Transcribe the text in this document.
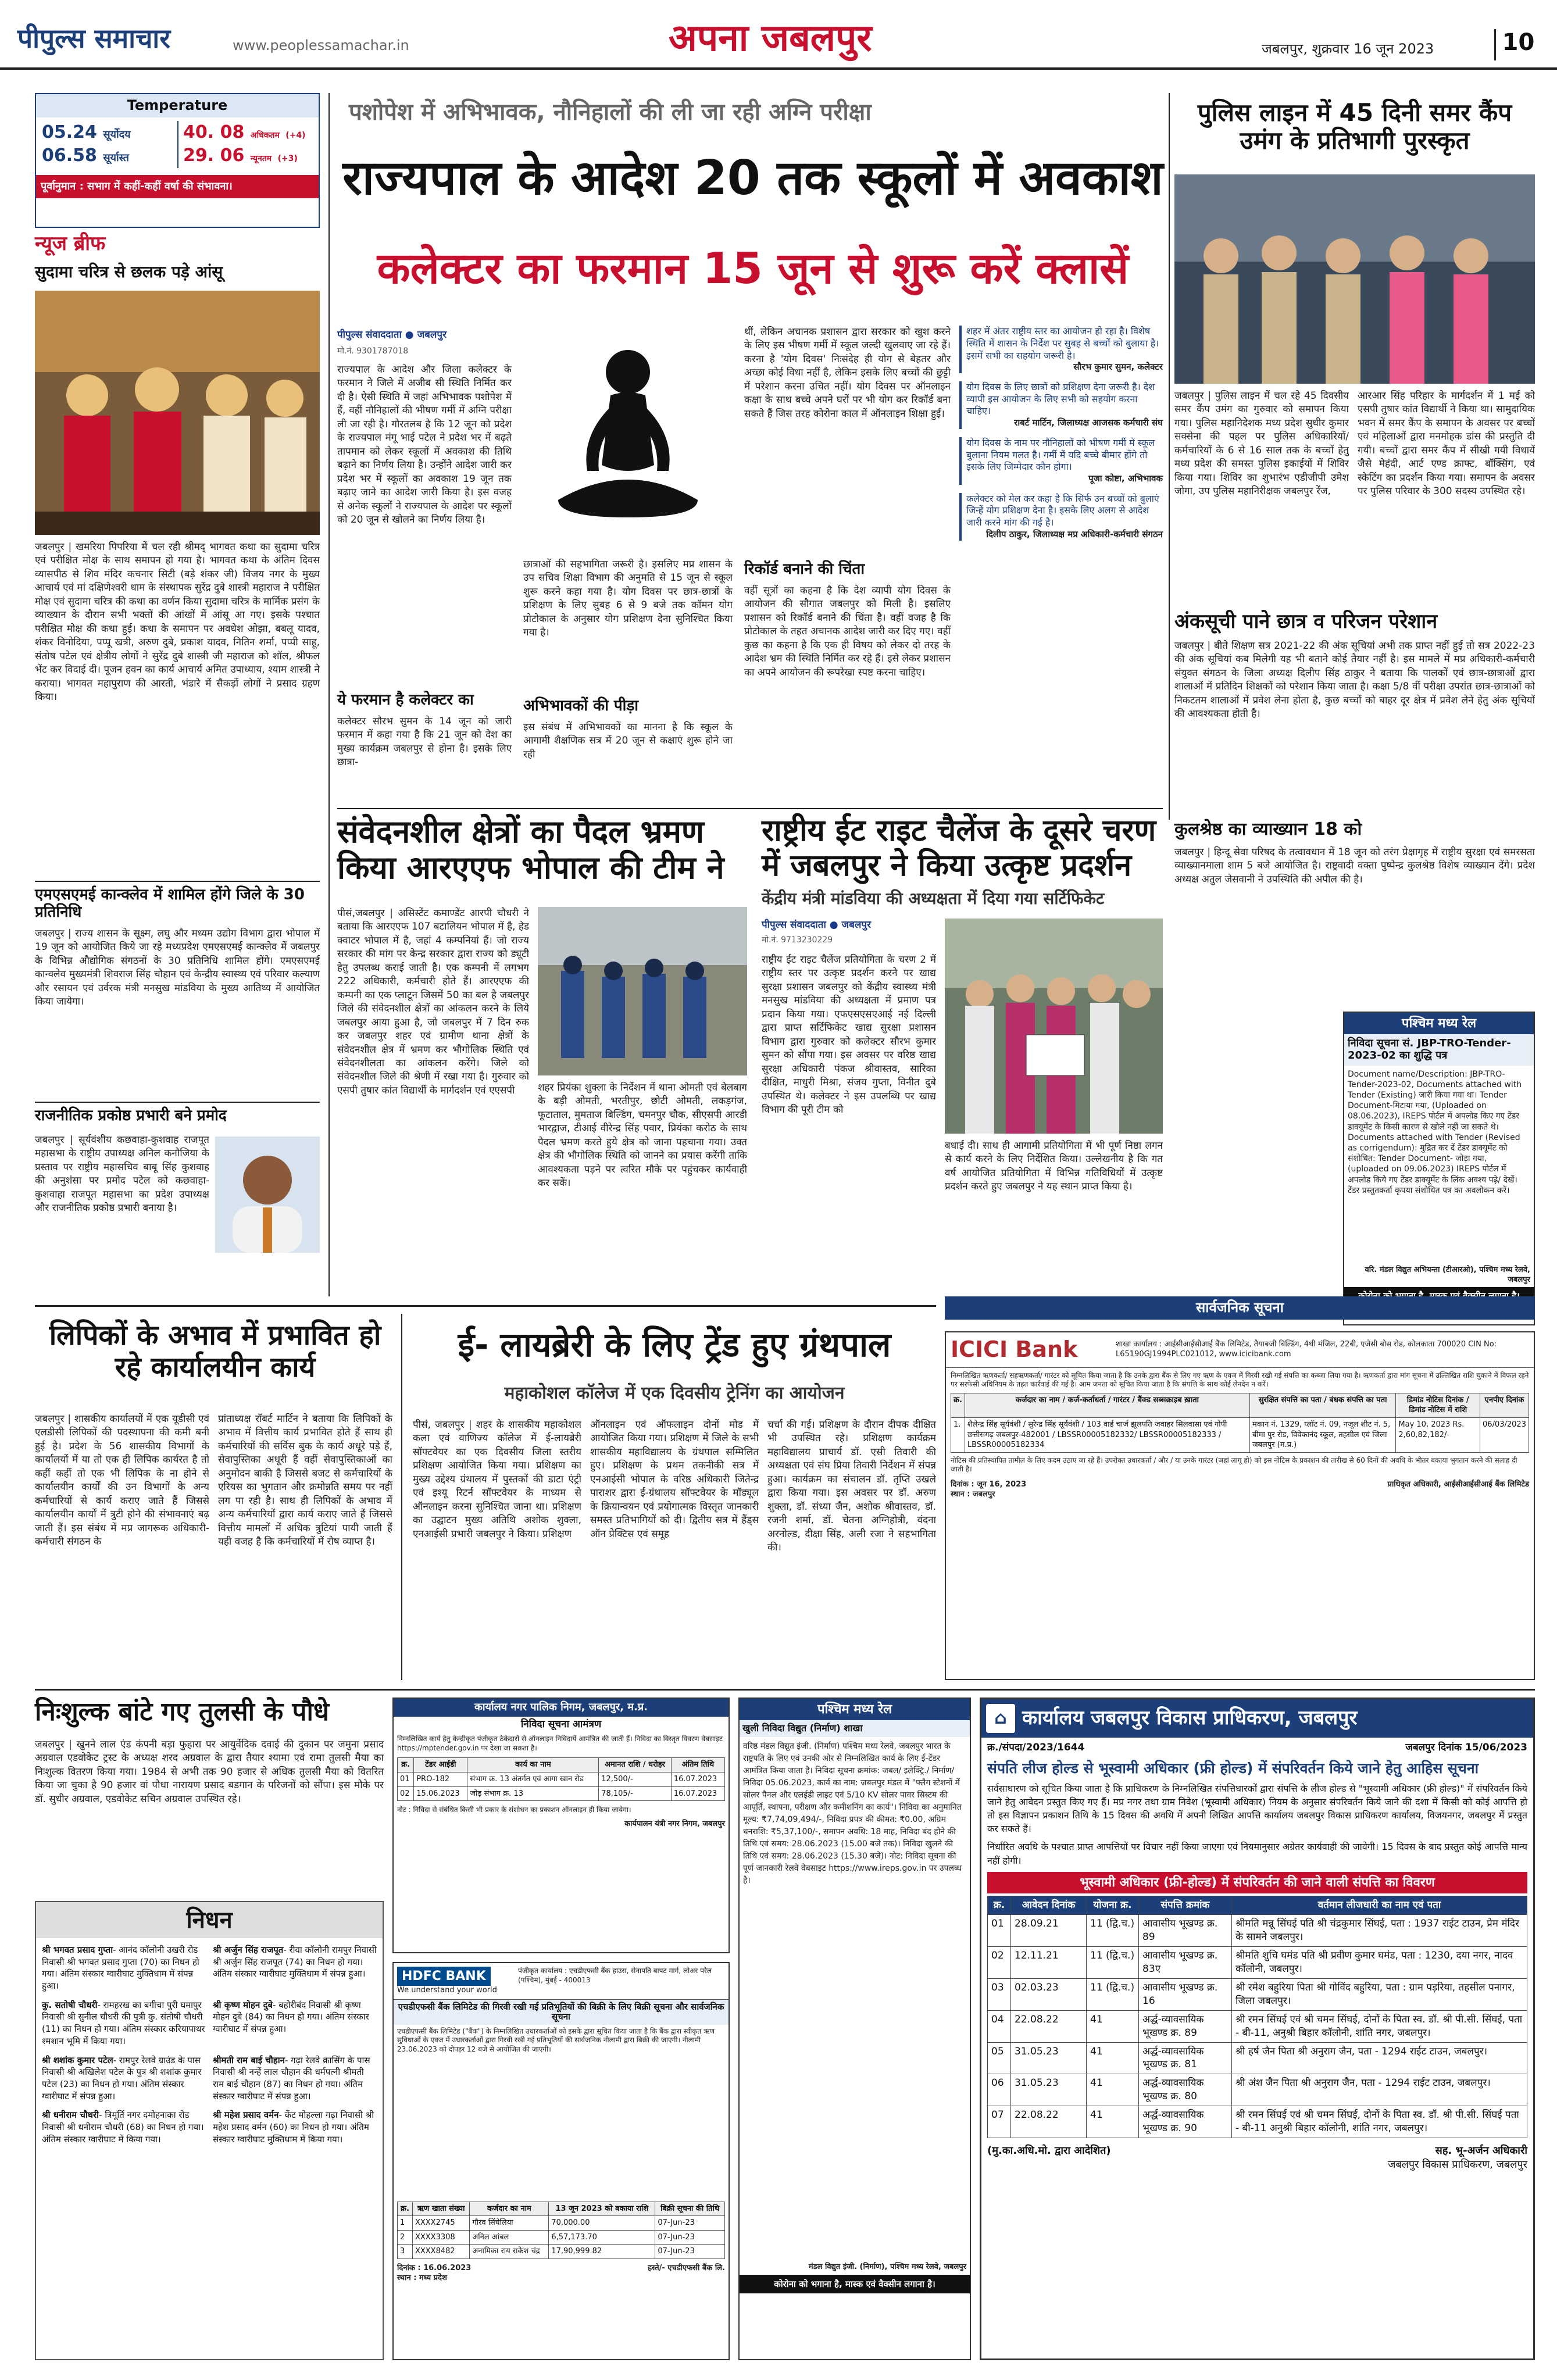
पीपुल्स समाचार	www.peoplessamachar.in	अपना जबलपुर	जबलपुर, शुक्रवार 16 जून 2023	10
Temperature
05.24 सूर्योदय
06.58 सूर्यास्त
40. 08 अधिकतम (+4)
29. 06 न्यूनतम (+3)
पूर्वानुमान : सभाग में कहीं-कहीं वर्षा की संभावना।
न्यूज ब्रीफ
सुदामा चरित्र से छलक पड़े आंसू
जबलपुर | खमरिया पिपरिया में चल रही श्रीमद् भागवत कथा का सुदामा चरित्र एवं परीक्षित मोक्ष के साथ समापन हो गया है। भागवत कथा के अंतिम दिवस व्यासपीठ से शिव मंदिर कचनार सिटी (बड़े शंकर जी) विजय नगर के मुख्य आचार्य एवं मां दक्षिणेश्वरी धाम के संस्थापक सुरेंद्र दुबे शास्त्री महाराज ने परीक्षित मोक्ष एवं सुदामा चरित्र की कथा का वर्णन किया सुदामा चरित्र के मार्मिक प्रसंग के व्याख्यान के दौरान सभी भक्तों की आंखों में आंसू आ गए। इसके पश्चात परीक्षित मोक्ष की कथा हुई। कथा के समापन पर अवधेश ओझा, बबलू यादव, शंकर विनोदिया, पप्पू खत्री, अरुण दुबे, प्रकाश यादव, नितिन शर्मा, पप्पी साहू, संतोष पटेल एवं क्षेत्रीय लोगों ने सुरेंद्र दुबे शास्त्री जी महाराज को शॉल, श्रीफल भेंट कर विदाई दी। पूजन हवन का कार्य आचार्य अमित उपाध्याय, श्याम शास्त्री ने कराया। भागवत महापुराण की आरती, भंडारे में सैकड़ों लोगों ने प्रसाद ग्रहण किया।
एमएसएमई कान्क्लेव में शामिल होंगे जिले के 30 प्रतिनिधि
जबलपुर | राज्य शासन के सूक्ष्म, लघु और मध्यम उद्योग विभाग द्वारा भोपाल में 19 जून को आयोजित किये जा रहे मध्यप्रदेश एमएसएमई कान्क्लेव में जबलपुर के विभिन्न औद्योगिक संगठनों के 30 प्रतिनिधि शामिल होंगे। एमएसएमई कान्क्लेव मुख्यमंत्री शिवराज सिंह चौहान एवं केन्द्रीय स्वास्थ्य एवं परिवार कल्याण और रसायन एवं उर्वरक मंत्री मनसुख मांडविया के मुख्य आतिथ्य में आयोजित किया जायेगा।
राजनीतिक प्रकोष्ठ प्रभारी बने प्रमोद
जबलपुर | सूर्यवंशीय कछवाहा-कुशवाह राजपूत महासभा के राष्ट्रीय उपाध्यक्ष अनिल कनौजिया के प्रस्ताव पर राष्ट्रीय महासचिव बाबू सिंह कुशवाह की अनुशंसा पर प्रमोद पटेल को कछवाहा-कुशवाहा राजपूत महासभा का प्रदेश उपाध्यक्ष और राजनीतिक प्रकोष्ठ प्रभारी बनाया है।
पशोपेश में अभिभावक, नौनिहालों की ली जा रही अग्नि परीक्षा
राज्यपाल के आदेश 20 तक स्कूलों में अवकाश
कलेक्टर का फरमान 15 जून से शुरू करें क्लासें
पीपुल्स संवाददाता ● जबलपुर
मो.नं. 9301787018
राज्यपाल के आदेश और जिला कलेक्टर के फरमान ने जिले में अजीब सी स्थिति निर्मित कर दी है। ऐसी स्थिति में जहां अभिभावक पशोपेश में हैं, वहीं नौनिहालों की भीषण गर्मी में अग्नि परीक्षा ली जा रही है। गौरतलब है कि 12 जून को प्रदेश के राज्यपाल मंगू भाई पटेल ने प्रदेश भर में बढ़ते तापमान को लेकर स्कूलों में अवकाश की तिथि बढ़ाने का निर्णय लिया है। उन्होंने आदेश जारी कर प्रदेश भर में स्कूलों का अवकाश 19 जून तक बढ़ाए जाने का आदेश जारी किया है। इस वजह से अनेक स्कूलों ने राज्यपाल के आदेश पर स्कूलों को 20 जून से खोलने का निर्णय लिया है।
ये फरमान है कलेक्टर का
कलेक्टर सौरभ सुमन के 14 जून को जारी फरमान में कहा गया है कि 21 जून को देश का मुख्य कार्यक्रम जबलपुर से होना है। इसके लिए छात्रा-
छात्राओं की सहभागिता जरूरी है। इसलिए मप्र शासन के उप सचिव शिक्षा विभाग की अनुमति से 15 जून से स्कूल शुरू करने कहा गया है। योग दिवस पर छात्र-छात्रों के प्रशिक्षण के लिए सुबह 6 से 9 बजे तक कॉमन योग प्रोटोकाल के अनुसार योग प्रशिक्षण देना सुनिश्चित किया गया है।
अभिभावकों की पीड़ा
इस संबंध में अभिभावकों का मानना है कि स्कूल के आगामी शैक्षणिक सत्र में 20 जून से कक्षाएं शुरू होने जा रही
थीं, लेकिन अचानक प्रशासन द्वारा सरकार को खुश करने के लिए इस भीषण गर्मी में स्कूल जल्दी खुलवाए जा रहे हैं। करना है 'योग दिवस' निःसंदेह ही योग से बेहतर और अच्छा कोई विधा नहीं है, लेकिन इसके लिए बच्चों की छुट्टी में परेशान करना उचित नहीं। योग दिवस पर ऑनलाइन कक्षा के साथ बच्चे अपने घरों पर भी योग कर रिकॉर्ड बना सकते हैं जिस तरह कोरोना काल में ऑनलाइन शिक्षा हुई।
रिकॉर्ड बनाने की चिंता
वहीं सूत्रों का कहना है कि देश व्यापी योग दिवस के आयोजन की सौगात जबलपुर को मिली है। इसलिए प्रशासन को रिकॉर्ड बनाने की चिंता है। वहीं वजह है कि प्रोटोकाल के तहत अचानक आदेश जारी कर दिए गए। वहीं कुछ का कहना है कि एक ही विषय को लेकर दो तरह के आदेश भ्रम की स्थिति निर्मित कर रहे हैं। इसे लेकर प्रशासन का अपने आयोजन की रूपरेखा स्पष्ट करना चाहिए।
शहर में अंतर राष्ट्रीय स्तर का आयोजन हो रहा है। विशेष स्थिति में शासन के निर्देश पर सुबह से बच्चों को बुलाया है। इसमें सभी का सहयोग जरूरी है।
सौरभ कुमार सुमन, कलेक्टर
योग दिवस के लिए छात्रों को प्रशिक्षण देना जरूरी है। देश व्यापी इस आयोजन के लिए सभी को सहयोग करना चाहिए।
राबर्ट मार्टिन, जिलाध्यक्ष आजसक कर्मचारी संघ
योग दिवस के नाम पर नौनिहालों को भीषण गर्मी में स्कूल बुलाना नियम गलत है। गर्मी में यदि बच्चे बीमार होंगे तो इसके लिए जिम्मेदार कौन होगा।
पूजा कोष्टा, अभिभावक
कलेक्टर को मेल कर कहा है कि सिर्फ उन बच्चों को बुलाएं जिन्हें योग प्रशिक्षण देना है। इसके लिए अलग से आदेश जारी करने मांग की गई है।
दिलीप ठाकुर, जिलाध्यक्ष मप्र अधिकारी-कर्मचारी संगठन
पुलिस लाइन में 45 दिनी समर कैंप उमंग के प्रतिभागी पुरस्कृत
जबलपुर | पुलिस लाइन में चल रहे 45 दिवसीय समर कैंप उमंग का गुरुवार को समापन किया गया। पुलिस महानिदेशक मध्य प्रदेश सुधीर कुमार सक्सेना की पहल पर पुलिस अधिकारियों/कर्मचारियों के 6 से 16 साल तक के बच्चों हेतु मध्य प्रदेश की समस्त पुलिस इकाईयों में शिविर किया गया। शिविर का शुभारंभ एडीजीपी उमेश जोगा, उप पुलिस महानिरीक्षक जबलपुर रेंज,
आरआर सिंह परिहार के मार्गदर्शन में 1 मई को एसपी तुषार कांत विद्यार्थी ने किया था। सामुदायिक भवन में समर कैंप के समापन के अवसर पर बच्चों एवं महिलाओं द्वारा मनमोहक डांस की प्रस्तुति दी गयी। बच्चों द्वारा समर कैंप में सीखी गयी विधायें जैसे मेहंदी, आर्ट एण्ड क्राफ्ट, बॉक्सिंग, एवं स्केटिंग का प्रदर्शन किया गया। समापन के अवसर पर पुलिस परिवार के 300 सदस्य उपस्थित रहे।
अंकसूची पाने छात्र व परिजन परेशान
जबलपुर | बीते शिक्षण सत्र 2021-22 की अंक सूचियां अभी तक प्राप्त नहीं हुई तो सत्र 2022-23 की अंक सूचियां कब मिलेगी यह भी बताने कोई तैयार नहीं है। इस मामले में मप्र अधिकारी-कर्मचारी संयुक्त संगठन के जिला अध्यक्ष दिलीप सिंह ठाकुर ने बताया कि पालकों एवं छात्र-छात्राओं द्वारा शालाओं में प्रतिदिन शिक्षकों को परेशान किया जाता है। कक्षा 5/8 वीं परीक्षा उपरांत छात्र-छात्राओं को निकटतम शालाओं में प्रवेश लेना होता है, कुछ बच्चों को बाहर दूर क्षेत्र में प्रवेश लेने हेतु अंक सूचियों की आवश्यकता होती है।
संवेदनशील क्षेत्रों का पैदल भ्रमण किया आरएएफ भोपाल की टीम ने
पीसं,जबलपुर | असिस्टेंट कमाण्डेंट आरपी चौधरी ने बताया कि आरएएफ 107 बटालियन भोपाल में है, हेड क्वाटर भोपाल में है, जहां 4 कम्पनियां हैं। जो राज्य सरकार की मांग पर केन्द्र सरकार द्वारा राज्य को ड्यूटी हेतु उपलब्ध कराई जाती है। एक कम्पनी में लगभग 222 अधिकारी, कर्मचारी होते हैं। आरएएफ की कम्पनी का एक प्लाटून जिसमें 50 का बल है जबलपुर जिले की संवेदनशील क्षेत्रों का आंकलन करने के लिये जबलपुर आया हुआ है, जो जबलपुर में 7 दिन रुक कर जबलपुर शहर एवं ग्रामीण थाना क्षेत्रों के संवेदनशील क्षेत्र में भ्रमण कर भौगोलिक स्थिति एवं संवेदनशीलता का आंकलन करेंगे। जिले को संवेदनशील जिले की श्रेणी में रखा गया है। गुरुवार को एसपी तुषार कांत विद्यार्थी के मार्गदर्शन एवं एएसपी	शहर प्रियंका शुक्ला के निर्देशन में थाना ओमती एवं बेलबाग के बड़ी ओमती, भरतीपुर, छोटी ओमती, लकड़गंज, फूटाताल, मुमताज बिल्डिंग, चमनपुर चौक, सीएसपी आरडी भारद्वाज, टीआई वीरेन्द्र सिंह पवार, प्रियंका करोठ के साथ पैदल भ्रमण करते हुये क्षेत्र को जाना पहचाना गया। उक्त क्षेत्र की भौगोलिक स्थिति को जानने का प्रयास करेंगी ताकि आवश्यकता पड़ने पर त्वरित मौके पर पहुंचकर कार्यवाही कर सकें।
राष्ट्रीय ईट राइट चैलेंज के दूसरे चरण में जबलपुर ने किया उत्कृष्ट प्रदर्शन
केंद्रीय मंत्री मांडविया की अध्यक्षता में दिया गया सर्टिफिकेट
पीपुल्स संवाददाता ● जबलपुर
मो.नं. 9713230229
राष्ट्रीय ईट राइट चैलेंज प्रतियोगिता के चरण 2 में राष्ट्रीय स्तर पर उत्कृष्ट प्रदर्शन करने पर खाद्य सुरक्षा प्रशासन जबलपुर को केंद्रीय स्वास्थ्य मंत्री मनसुख मांडविया की अध्यक्षता में प्रमाण पत्र प्रदान किया गया। एफएसएसएआई नई दिल्ली द्वारा प्राप्त सर्टिफिकेट खाद्य सुरक्षा प्रशासन विभाग द्वारा गुरुवार को कलेक्टर सौरभ कुमार सुमन को सौंपा गया। इस अवसर पर वरिष्ठ खाद्य सुरक्षा अधिकारी पंकज श्रीवास्तव, सारिका दीक्षित, माधुरी मिश्रा, संजय गुप्ता, विनीत दुबे उपस्थित थे। कलेक्टर ने इस उपलब्धि पर खाद्य विभाग की पूरी टीम को
बधाई दी। साथ ही आगामी प्रतियोगिता में भी पूर्ण निष्ठा लगन से कार्य करने के लिए निर्देशित किया। उल्लेखनीय है कि गत वर्ष आयोजित प्रतियोगिता में विभिन्न गतिविधियों में उत्कृष्ट प्रदर्शन करते हुए जबलपुर ने यह स्थान प्राप्त किया है।
कुलश्रेष्ठ का व्याख्यान 18 को
जबलपुर | हिन्दू सेवा परिषद के तत्वावधान में 18 जून को तरंग प्रेक्षागृह में राष्ट्रीय सुरक्षा एवं समरसता व्याख्यानमाला शाम 5 बजे आयोजित है। राष्ट्रवादी वक्ता पुष्पेन्द्र कुलश्रेष्ठ विशेष व्याख्यान देंगे। प्रदेश अध्यक्ष अतुल जेसवानी ने उपस्थिति की अपील की है।
पश्चिम मध्य रेल
निविदा सूचना सं. JBP-TRO-Tender-2023-02 का शुद्धि पत्र
Document name/Description: JBP-TRO-Tender-2023-02, Documents attached with Tender (Existing) जारी किया गया था। Tender Document-मिटाया गया, (Uploaded on 08.06.2023), IREPS पोर्टल में अपलोड किए गए टेंडर डाक्यूमेंट के किसी कारण से खोले नहीं जा सकते थे। Documents attached with Tender (Revised as corrigendum): मुद्रित कर दें टेंडर डाक्यूमेंट को संशोधित: Tender Document- जोड़ा गया, (uploaded on 09.06.2023) IREPS पोर्टल में अपलोड किये गए टेंडर डाक्यूमेंट के लिंक अवश्य पढ़े/ देखें। टेंडर प्रस्तुतकर्ता कृपया संशोधित पत्र का अवलोकन करें।
वरि. मंडल विद्युत अभियन्ता (टीआरओ), पश्चिम मध्य रेलवे, जबलपुर
सार्वजनिक सूचना
लिपिकों के अभाव में प्रभावित हो रहे कार्यालयीन कार्य
जबलपुर | शासकीय कार्यालयों में एक यूडीसी एवं एलडीसी लिपिकों की पदस्थापना की कमी बनी हुई है। प्रदेश के 56 शासकीय विभागों के कार्यालयों में या तो एक ही लिपिक कार्यरत है तो कहीं कहीं तो एक भी लिपिक के ना होने से कार्यालयीन कार्यों की उन विभागों के अन्य कर्मचारियों से कार्य कराए जाते हैं जिससे कार्यालयीन कार्यों में त्रुटी होने की संभावनाएं बढ़ जाती हैं। इस संबंध में मप्र जागरूक अधिकारी-कर्मचारी संगठन के
प्रांताध्यक्ष रॉबर्ट मार्टिन ने बताया कि लिपिकों के अभाव में वित्तीय कार्य प्रभावित होते हैं साथ ही कर्मचारियों की सर्विस बुक के कार्य अधूरे पड़े हैं, सेवापुस्तिका अधूरी हैं वहीं सेवापुस्तिकाओं का अनुमोदन बाकी है जिससे बजट से कर्मचारियों के एरियस का भुगतान और क्रमोन्नति समय पर नहीं लग पा रही है। साथ ही लिपिकों के अभाव में अन्य कर्मचारियों द्वारा कार्य कराए जाते हैं जिससे वित्तीय मामलों में अधिक त्रुटियां पायी जाती हैं यही वजह है कि कर्मचारियों में रोष व्याप्त है।
ई- लायब्रेरी के लिए ट्रेंड हुए ग्रंथपाल
महाकोशल कॉलेज में एक दिवसीय ट्रेनिंग का आयोजन
पीसं, जबलपुर | शहर के शासकीय महाकोशल कला एवं वाणिज्य कॉलेज में ई-लायब्रेरी सॉफ्टवेयर का एक दिवसीय जिला स्तरीय प्रशिक्षण आयोजित किया गया। प्रशिक्षण का मुख्य उद्देश्य ग्रंथालय में पुस्तकों की डाटा एंट्री एवं इश्यू रिटर्न सॉफ्टवेयर के माध्यम से ऑनलाइन करना सुनिश्चित जाना था। प्रशिक्षण का उद्घाटन मुख्य अतिथि अशोक शुक्ला, एनआईसी प्रभारी जबलपुर ने किया। प्रशिक्षण
ऑनलाइन एवं ऑफलाइन दोनों मोड में आयोजित किया गया। प्रशिक्षण में जिले के सभी शासकीय महाविद्यालय के ग्रंथपाल सम्मिलित हुए। प्रशिक्षण के प्रथम तकनीकी सत्र में एनआईसी भोपाल के वरिष्ठ अधिकारी जितेन्द्र पाराशर द्वारा ई-ग्रंथालय सॉफ्टवेयर के मॉड्यूल के क्रियान्वयन एवं प्रयोगात्मक विस्तृत जानकारी समस्त प्रतिभागियों को दी। द्वितीय सत्र में हैंड्स ऑन प्रेक्टिस एवं समूह
चर्चा की गई। प्रशिक्षण के दौरान दीपक दीक्षित भी उपस्थित रहे। प्रशिक्षण कार्यक्रम महाविद्यालय प्राचार्य डॉ. एसी तिवारी की अध्यक्षता एवं संघ प्रिया तिवारी निर्देशन में संपन्न हुआ। कार्यक्रम का संचालन डॉ. तृप्ति उखले द्वारा किया गया। इस अवसर पर डॉ. अरुण शुक्ला, डॉ. संध्या जैन, अशोक श्रीवास्तव, डॉ. रजनी शर्मा, डॉ. चेतना अग्निहोत्री, वंदना अरनोल्ड, दीक्षा सिंह, अली रजा ने सहभागिता की।
ICICI Bank	शाखा कार्यालय : आईसीआईसीआई बैंक लिमिटेड, तैयाबजी बिल्डिंग, 4थी मंजिल, 22बी, एजेसी बोस रोड, कोलकाता 700020 CIN No: L65190GJ1994PLC021012, www.icicibank.com
निम्नलिखित ऋणकर्ता/ सहऋणकर्ता/ गारंटर को सूचित किया जाता है कि उनके द्वारा बैंक से लिए गए ऋण के एवज में गिरवी रखी गई संपत्ति का कब्जा लिया गया है। ऋणकर्ता द्वारा मांग सूचना में उल्लिखित राशि चुकाने में विफल रहने पर सरफेसी अधिनियम के तहत कार्रवाई की गई है। आम जनता को सूचित किया जाता है कि संपत्ति के साथ कोई लेनदेन न करें।
क्र.	कर्जदार का नाम / कर्ज-कर्ताधर्ता / गारंटर / बैंक्ड सब्सक्राइब ख़ाता	सुरक्षित संपत्ति का पता / बंधक संपत्ति का पता	डिमांड नोटिस दिनांक / डिमांड नोटिस में राशि	एनपीए दिनांक
1.	शैलेन्द्र सिंह सूर्यवंशी / सुरेन्द्र सिंह सूर्यवंशी / 103 वार्ड चार्ज झूलपति जवाहर सिलवासा एवं गोपी छत्तीसगढ़ जबलपुर-482001 / LBSSR00005182332/ LBSSR00005182333 / LBSSR00005182334	मकान नं. 1329, प्लॉट नं. 09, नजूल शीट नं. 5, बीमा पुर रोड, विवेकानंद स्कूल, तहसील एवं जिला जबलपुर (म.प्र.)	May 10, 2023 Rs. 2,60,82,182/-	06/03/2023
नोटिस की प्रतिस्थापित तामील के लिए कदम उठाए जा रहे हैं। उपरोक्त उधारकर्ता / और / या उनके गारंटर (जहां लागू हो) को इस नोटिस के प्रकाशन की तारीख से 60 दिनों की अवधि के भीतर बकाया भुगतान करने की सलाह दी जाती है।
दिनांक : जून 16, 2023
स्थान : जबलपुर
प्राधिकृत अधिकारी, आईसीआईसीआई बैंक लिमिटेड
निःशुल्क बांटे गए तुलसी के पौधे
जबलपुर | खुनने लाल एंड कंपनी बड़ा फुहारा पर आयुर्वेदिक दवाई की दुकान पर जमुना प्रसाद अग्रवाल एडवोकेट ट्रस्ट के अध्यक्ष शरद अग्रवाल के द्वारा तैयार श्यामा एवं रामा तुलसी मैया का निःशुल्क वितरण किया गया। 1984 से अभी तक 90 हजार से अधिक तुलसी मैया को वितरित किया जा चुका है 90 हजार वां पौधा नारायण प्रसाद बडगान के परिजनों को सौंपा। इस मौके पर डॉ. सुधीर अग्रवाल, एडवोकेट सचिन अग्रवाल उपस्थित रहे।
निधन
श्री भगवत प्रसाद गुप्ता- आनंद कॉलोनी उखरी रोड निवासी श्री भगवत प्रसाद गुप्ता (70) का निधन हो गया। अंतिम संस्कार ग्वारीघाट मुक्तिधाम में संपन्न हुआ।
श्री अर्जुन सिंह राजपूत- रीवा कॉलोनी रामपुर निवासी श्री अर्जुन सिंह राजपूत (74) का निधन हो गया। अंतिम संस्कार ग्वारीघाट मुक्तिधाम में संपन्न हुआ।
कु. सतोषी चौधरी- रामहरख का बगीचा पुरी घमापुर निवासी श्री सुनील चौधरी की पुत्री कु. संतोषी चौधरी (11) का निधन हो गया। अंतिम संस्कार करियापाथर श्मशान भूमि में किया गया।
श्री कृष्ण मोहन दुबे- बहोरीबंद निवासी श्री कृष्ण मोहन दुबे (84) का निधन हो गया। अंतिम संस्कार ग्वारीघाट में संपन्न हुआ।
श्री शशांक कुमार पटेल- रामपुर रेलवे ग्राउंड के पास निवासी श्री अखिलेश पटेल के पुत्र श्री शशांक कुमार पटेल (23) का निधन हो गया। अंतिम संस्कार ग्वारीघाट में संपन्न हुआ।
श्रीमती राम बाई चौहान- गढ़ा रेलवे क्रासिंग के पास निवासी श्री नन्हें लाल चौहान की धर्मपत्नी श्रीमती राम बाई चौहान (87) का निधन हो गया। अंतिम संस्कार ग्वारीघाट में संपन्न हुआ।
श्री धनीराम चौधरी- त्रिमूर्ति नगर दमोहनाका रोड निवासी श्री धनीराम चौधरी (68) का निधन हो गया। अंतिम संस्कार ग्वारीघाट में किया गया।
श्री महेश प्रसाद वर्मन- केंट मोहल्ला गढ़ा निवासी श्री महेश प्रसाद वर्मन (60) का निधन हो गया। अंतिम संस्कार ग्वारीघाट मुक्तिधाम में किया गया।
कार्यालय नगर पालिक निगम, जबलपुर, म.प्र.
निविदा सूचना आमंत्रण
निम्नलिखित कार्य हेतु केन्द्रीकृत पंजीकृत ठेकेदारों से ऑनलाइन निविदायें आमंत्रित की जाती हैं। निविदा का विस्तृत विवरण वेबसाइट https://mptender.gov.in पर देखा जा सकता है।
क्र.	टेंडर आईडी	कार्य का नाम	अमानत राशि / धरोहर	अंतिम तिथि
01	PRO-182	संभाग क्र. 13 अंतर्गत एवं आगा खान रोड	12,500/-	16.07.2023
02	15.06.2023	जोड़ संभाग क्र. 13	78,105/-	16.07.2023
नोट : निविदा से संबंधित किसी भी प्रकार के संशोधन का प्रकाशन ऑनलाइन ही किया जायेगा।
कार्यपालन यंत्री नगर निगम, जबलपुर
HDFC BANK
We understand your world
पंजीकृत कार्यालय : एचडीएफसी बैंक हाउस, सेनापति बापट मार्ग, लोअर परेल (पश्चिम), मुंबई - 400013
एचडीएफसी बैंक लिमिटेड की गिरवी रखी गई प्रतिभूतियों की बिक्री के लिए बिक्री सूचना और सार्वजनिक सूचना
एचडीएफसी बैंक लिमिटेड ("बैंक") के निम्नलिखित उधारकर्ताओं को इसके द्वारा सूचित किया जाता है कि बैंक द्वारा स्वीकृत ऋण सुविधाओं के एवज में उधारकर्ताओं द्वारा गिरवी रखी गई प्रतिभूतियों की सार्वजनिक नीलामी द्वारा बिक्री की जाएगी। नीलामी 23.06.2023 को दोपहर 12 बजे से आयोजित की जाएगी।
क्र.	ऋण खाता संख्या	कर्जदार का नाम	13 जून 2023 को बकाया राशि	बिक्री सूचना की तिथि
1	XXXX2745	गौरव सिंघेलिया	70,000.00	07-Jun-23
2	XXXX3308	अनिल आंबल	6,57,173.70	07-Jun-23
3	XXXX8482	अनामिका राय राकेश चंद्र	17,90,999.82	07-Jun-23
दिनांक : 16.06.2023
स्थान : मध्य प्रदेश
हस्ते/- एचडीएफसी बैंक लि.
पश्चिम मध्य रेल
खुली निविदा विद्युत (निर्माण) शाखा
वरिष्ठ मंडल विद्युत इंजी. (निर्माण) पश्चिम मध्य रेलवे, जबलपुर भारत के राष्ट्रपति के लिए एवं उनकी ओर से निम्नलिखित कार्य के लिए ई-टेंडर आमंत्रित किया जाता है। निविदा सूचना क्रमांक: जबल/ इलेक्ट्रि./ निर्माण/ निविदा 05.06.2023, कार्य का नाम: जबलपुर मंडल में "फ्लैग स्टेशनों में सोलर पैनल और एलईडी लाइट एवं 5/10 KV सोलर पावर सिस्टम की आपूर्ति, स्थापना, परीक्षण और कमीशनिंग का कार्य"। निविदा का अनुमानित मूल्य: ₹7,74,09,494/-, निविदा प्रपत्र की कीमत: ₹0.00, अग्रिम धनराशि: ₹5,37,100/-, समापन अवधि: 18 माह, निविदा बंद होने की तिथि एवं समय: 28.06.2023 (15.00 बजे तक)। निविदा खुलने की तिथि एवं समय: 28.06.2023 (15.30 बजे)। नोट: निविदा सूचना की पूर्ण जानकारी रेलवे वेबसाइट https://www.ireps.gov.in पर उपलब्ध है।
मंडल विद्युत इंजी. (निर्माण), पश्चिम मध्य रेलवे, जबलपुर
कोरोना को भगाना है, मास्क एवं वैक्सीन लगाना है।
⌂ कार्यालय जबलपुर विकास प्राधिकरण, जबलपुर
क्र./संपदा/2023/1644	जबलपुर दिनांक 15/06/2023
संपति लीज होल्ड से भूस्वामी अधिकार (फ्री होल्ड) में संपरिवर्तन किये जाने हेतु आहिस सूचना
सर्वसाधारण को सूचित किया जाता है कि प्राधिकरण के निम्नलिखित संपत्तिधारकों द्वारा संपत्ति के लीज होल्ड से "भूस्वामी अधिकार (फ्री होल्ड)" में संपरिवर्तन किये जाने हेतु आवेदन प्रस्तुत किए गए हैं। मप्र नगर तथा ग्राम निवेश (भूस्वामी अधिकार) नियम के अनुसार संपरिवर्तन किये जाने की दशा में किसी को कोई आपत्ति हो तो इस विज्ञापन प्रकाशन तिथि के 15 दिवस की अवधि में अपनी लिखित आपत्ति कार्यालय जबलपुर विकास प्राधिकरण कार्यालय, विजयनगर, जबलपुर में प्रस्तुत कर सकते हैं।
निर्धारित अवधि के पश्चात प्राप्त आपत्तियों पर विचार नहीं किया जाएगा एवं नियमानुसार अग्रेतर कार्यवाही की जावेगी। 15 दिवस के बाद प्रस्तुत कोई आपत्ति मान्य नहीं होगी।
भूस्वामी अधिकार (फ्री-होल्ड) में संपरिवर्तन की जाने वाली संपत्ति का विवरण
क्र.	आवेदन दिनांक	योजना क्र.	संपत्ति क्रमांक	वर्तमान लीजधारी का नाम एवं पता
01	28.09.21	11 (द्वि.च.)	आवासीय भूखण्ड क्र. 89	श्रीमति मन्नू सिंघई पति श्री चंद्रकुमार सिंघई, पता : 1937 राईट टाउन, प्रेम मंदिर के सामने जबलपुर।
02	12.11.21	11 (द्वि.च.)	आवासीय भूखण्ड क्र. 83ए	श्रीमति शुचि घमंड पति श्री प्रवीण कुमार घमंड, पता : 1230, दया नगर, नादव कॉलोनी, जबलपुर।
03	02.03.23	11 (द्वि.च.)	आवासीय भूखण्ड क्र. 16	श्री रमेश बहुरिया पिता श्री गोविंद बहुरिया, पता : ग्राम पड़रिया, तहसील पनागर, जिला जबलपुर।
04	22.08.22	41	अर्द्ध-व्यावसायिक भूखण्ड क्र. 89	श्री रमन सिंघई एवं श्री चमन सिंघई, दोनों के पिता स्व. डॉ. श्री पी.सी. सिंघई, पता - बी-11, अनुश्री बिहार कॉलोनी, शांति नगर, जबलपुर।
05	31.05.23	41	अर्द्ध-व्यावसायिक भूखण्ड क्र. 81	श्री हर्ष जैन पिता श्री अनुराग जैन, पता - 1294 राईट टाउन, जबलपुर।
06	31.05.23	41	अर्द्ध-व्यावसायिक भूखण्ड क्र. 80	श्री अंश जैन पिता श्री अनुराग जैन, पता - 1294 राईट टाउन, जबलपुर।
07	22.08.22	41	अर्द्ध-व्यावसायिक भूखण्ड क्र. 90	श्री रमन सिंघई एवं श्री चमन सिंघई, दोनों के पिता स्व. डॉ. श्री पी.सी. सिंघई पता - बी-11 अनुश्री बिहार कॉलोनी, शांति नगर, जबलपुर।
(मु.का.अधि.मो. द्वारा आदेशित)	सह. भू-अर्जन अधिकारी
जबलपुर विकास प्राधिकरण, जबलपुर
